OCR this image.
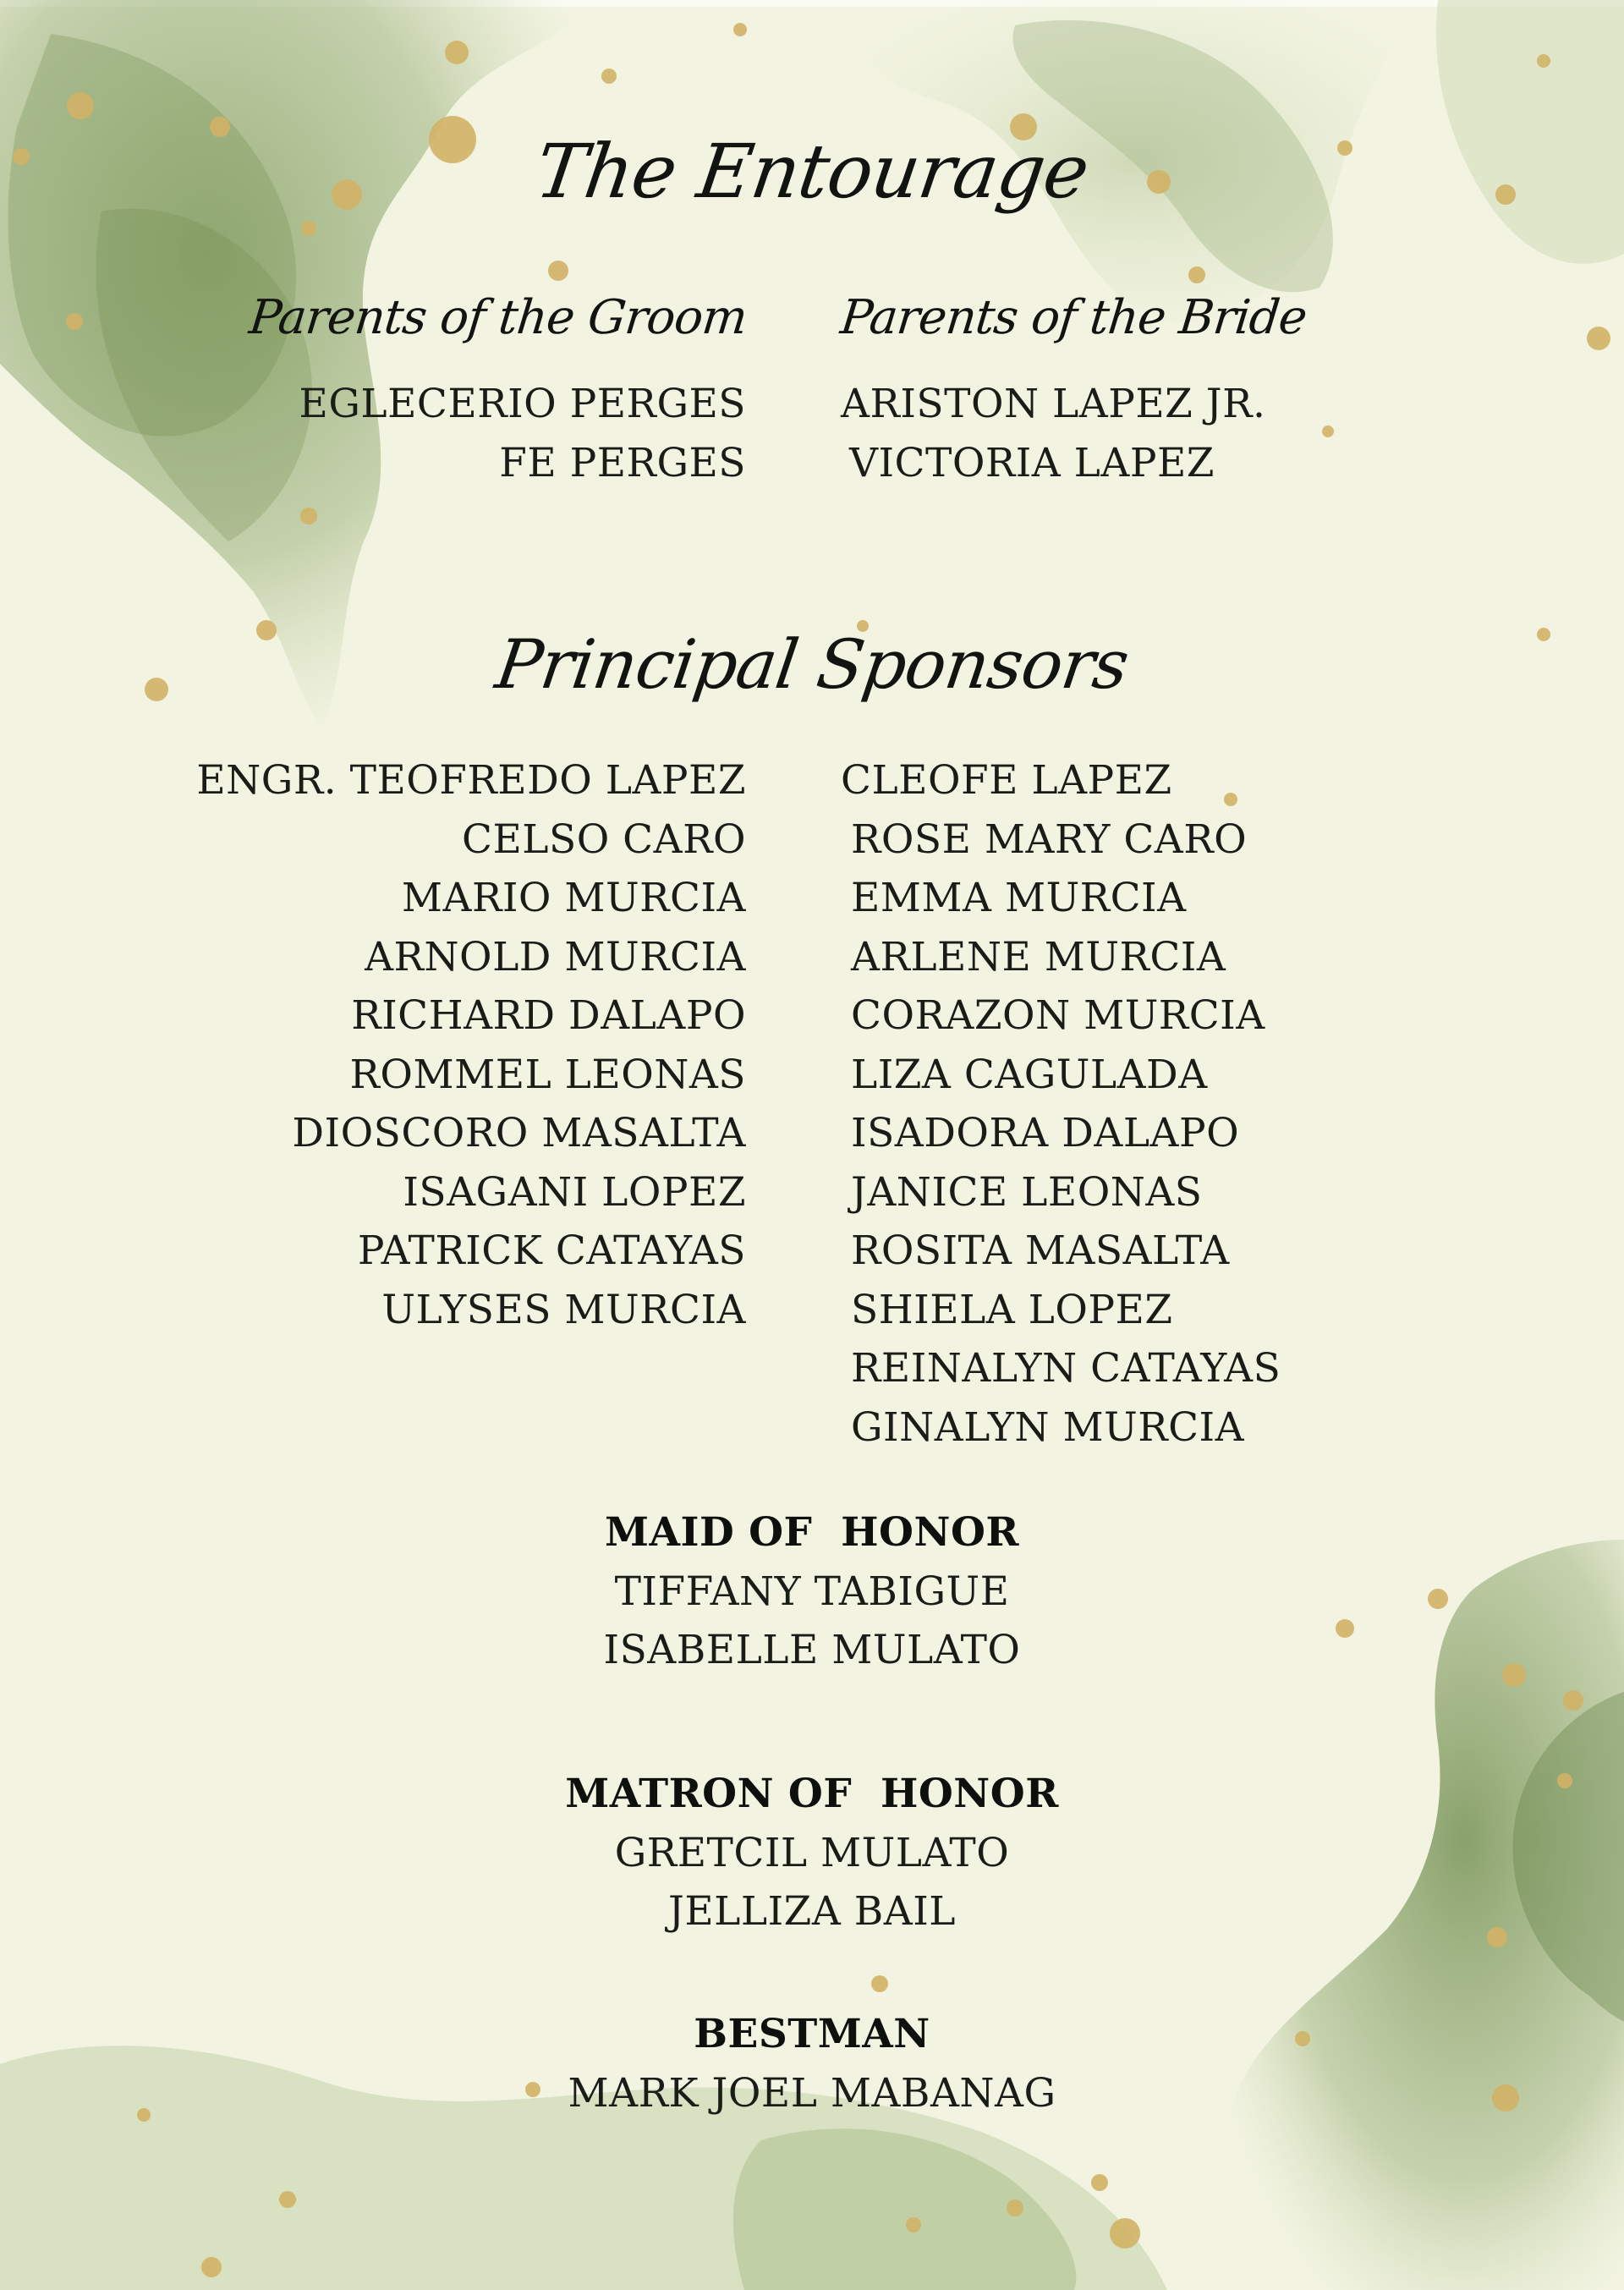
The Entourage
Parents of the Groom
EGLECERIO PERGES
FE PERGES
Parents of the Bride
ARISTON LAPEZ JR.
VICTORIA LAPEZ
Principal Sponsors
ENGR. TEOFREDO LAPEZ
CELSO CARO
MARIO MURCIA
ARNOLD MURCIA
RICHARD DALAPO
ROMMEL LEONAS
DIOSCORO MASALTA
ISAGANI LOPEZ
PATRICK CATAYAS
ULYSES MURCIA
CLEOFE LAPEZ
ROSE MARY CARO
EMMA MURCIA
ARLENE MURCIA
CORAZON MURCIA
LIZA CAGULADA
ISADORA DALAPO
JANICE LEONAS
ROSITA MASALTA
SHIELA LOPEZ
REINALYN CATAYAS
GINALYN MURCIA
MAID OF  HONOR
TIFFANY TABIGUE
ISABELLE MULATO
MATRON OF  HONOR
GRETCIL MULATO
JELLIZA BAIL
BESTMAN
MARK JOEL MABANAG
